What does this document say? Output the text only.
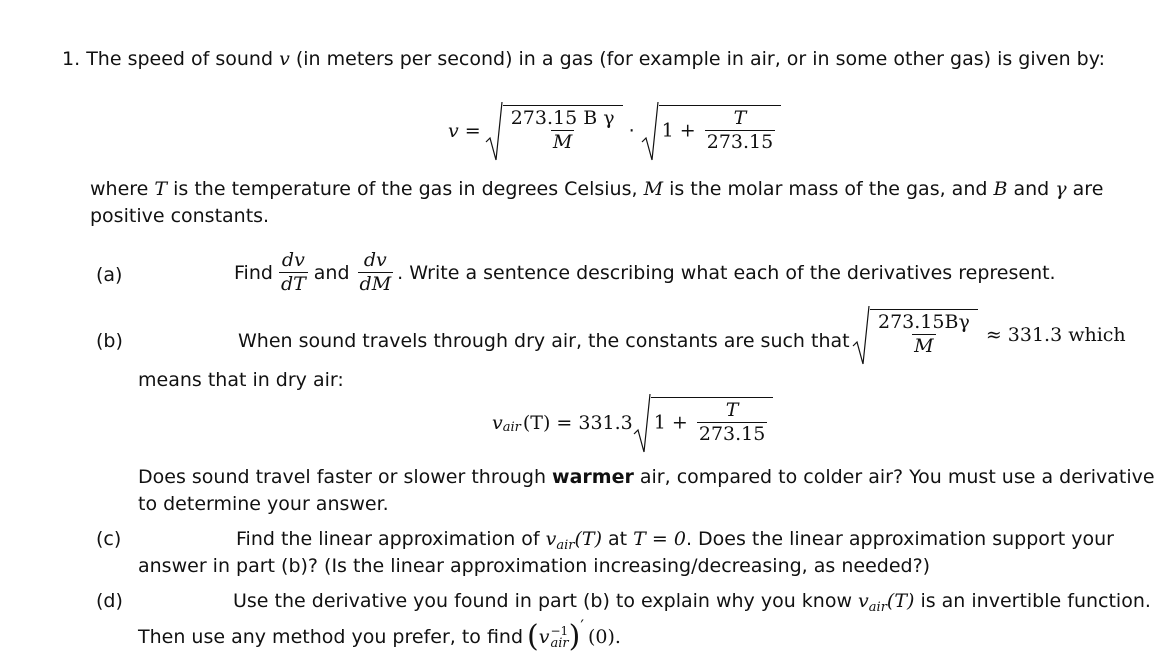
1. The speed of sound v (in meters per second) in a gas (for example in air, or in some other gas) is given by:
$v = \frac{\text{273.15 B γ}}{M} \cdot 1 + \frac{T}{273.15}$
where T is the temperature of the gas in degrees Celsius, M is the molar mass of the gas, and B and γ are
positive constants.
(a)	Find $\frac{dv}{dT}$ and $\frac{dv}{dM}$ . Write a sentence describing what each of the derivatives represent.
(b)	When sound travels through dry air, the constants are such that $\frac{273.15B\gamma}{M} \approx 331.3$ which
means that in dry air:
v air (T) = 331.3 $1 + \frac{T}{273.15}$
Does sound travel faster or slower through warmer air, compared to colder air? You must use a derivative
to determine your answer.
(c)	Find the linear approximation of $v_{air}(T)$ at T = 0. Does the linear approximation support your
answer in part (b)? (Is the linear approximation increasing/decreasing, as needed?)
(d)	Use the derivative you found in part (b) to explain why you know $v_{air}(T)$ is an invertible function.
Then use any method you prefer, to find ( v −1
air ) ′
(0).
